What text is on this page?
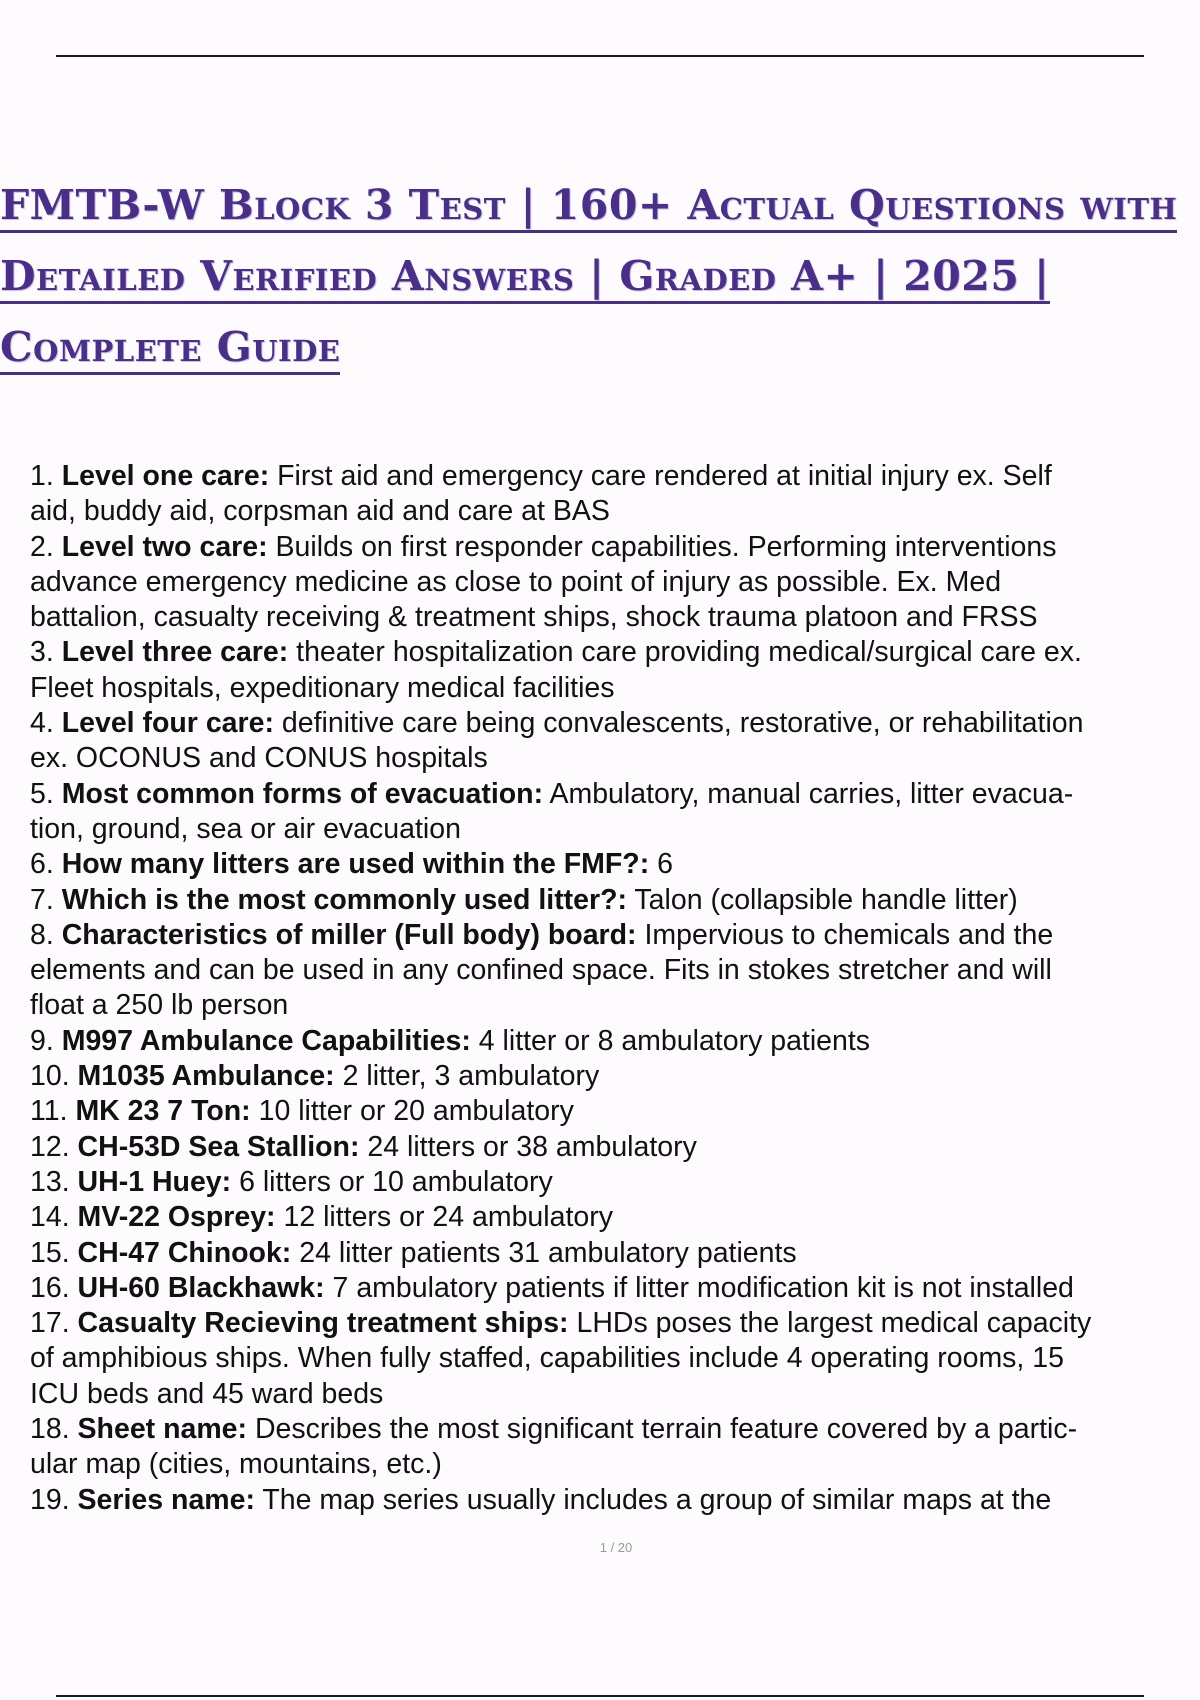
FMTB-W Block 3 Test | 160+ Actual Questions with
Detailed Verified Answers | Graded A+ | 2025 |
Complete Guide
1. Level one care: First aid and emergency care rendered at initial injury ex. Self
aid, buddy aid, corpsman aid and care at BAS
2. Level two care: Builds on first responder capabilities. Performing interventions
advance emergency medicine as close to point of injury as possible. Ex. Med
battalion, casualty receiving & treatment ships, shock trauma platoon and FRSS
3. Level three care: theater hospitalization care providing medical/surgical care ex.
Fleet hospitals, expeditionary medical facilities
4. Level four care: definitive care being convalescents, restorative, or rehabilitation
ex. OCONUS and CONUS hospitals
5. Most common forms of evacuation: Ambulatory, manual carries, litter evacua-
tion, ground, sea or air evacuation
6. How many litters are used within the FMF?: 6
7. Which is the most commonly used litter?: Talon (collapsible handle litter)
8. Characteristics of miller (Full body) board: Impervious to chemicals and the
elements and can be used in any confined space. Fits in stokes stretcher and will
float a 250 lb person
9. M997 Ambulance Capabilities: 4 litter or 8 ambulatory patients
10. M1035 Ambulance: 2 litter, 3 ambulatory
11. MK 23 7 Ton: 10 litter or 20 ambulatory
12. CH-53D Sea Stallion: 24 litters or 38 ambulatory
13. UH-1 Huey: 6 litters or 10 ambulatory
14. MV-22 Osprey: 12 litters or 24 ambulatory
15. CH-47 Chinook: 24 litter patients 31 ambulatory patients
16. UH-60 Blackhawk: 7 ambulatory patients if litter modification kit is not installed
17. Casualty Recieving treatment ships: LHDs poses the largest medical capacity
of amphibious ships. When fully staffed, capabilities include 4 operating rooms, 15
ICU beds and 45 ward beds
18. Sheet name: Describes the most significant terrain feature covered by a partic-
ular map (cities, mountains, etc.)
19. Series name: The map series usually includes a group of similar maps at the
1 / 20
